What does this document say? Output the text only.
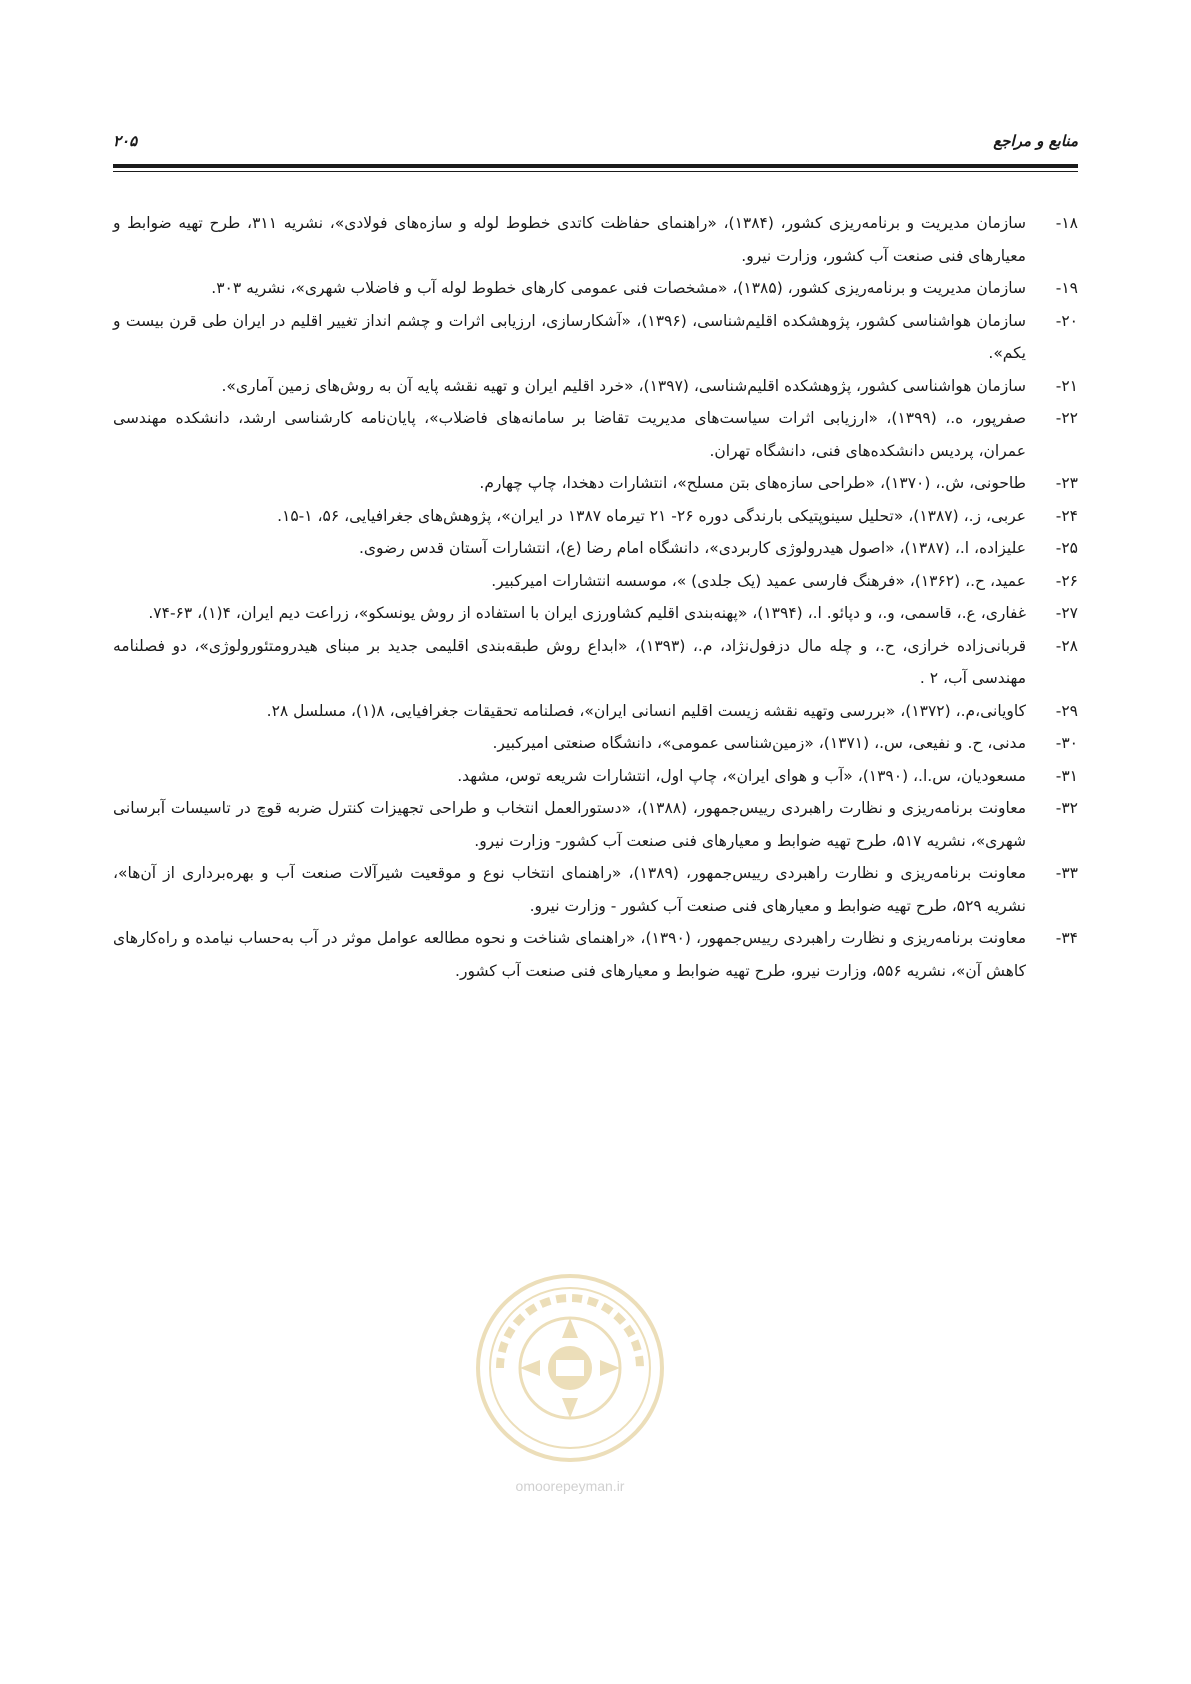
منابع و مراجع
۲۰۵
۱۸-
سازمان مدیریت و برنامه‌ریزی کشور، (۱۳۸۴)، «راهنمای حفاظت کاتدی خطوط لوله و سازه‌های فولادی»، نشریه ۳۱۱، طرح تهیه ضوابط و معیارهای فنی صنعت آب کشور، وزارت نیرو.
۱۹-
سازمان مدیریت و برنامه‌ریزی کشور، (۱۳۸۵)، «مشخصات فنی عمومی کارهای خطوط لوله آب و فاضلاب شهری»، نشریه ۳۰۳.
۲۰-
سازمان هواشناسی کشور، پژوهشکده اقلیم‌شناسی، (۱۳۹۶)، «آشکارسازی، ارزیابی اثرات و چشم انداز تغییر اقلیم در ایران طی قرن بیست و یکم».
۲۱-
سازمان هواشناسی کشور، پژوهشکده اقلیم‌شناسی، (۱۳۹۷)، «خرد اقلیم ایران و تهیه نقشه پایه آن به روش‌های زمین آماری».
۲۲-
صفرپور، ه.، (۱۳۹۹)، «ارزیابی اثرات سیاست‌های مدیریت تقاضا بر سامانه‌های فاضلاب»، پایان‌نامه کارشناسی ارشد، دانشکده مهندسی عمران، پردیس دانشکده‌های فنی، دانشگاه تهران.
۲۳-
طاحونی، ش.، (۱۳۷۰)، «طراحی سازه‌های بتن مسلح»، انتشارات دهخدا، چاپ چهارم.
۲۴-
عربی، ز.، (۱۳۸۷)، «تحلیل سینوپتیکی بارندگی دوره ۲۶- ۲۱ تیرماه ۱۳۸۷ در ایران»، پژوهش‌های جغرافیایی، ۵۶، ۱-۱۵.
۲۵-
علیزاده، ا.، (۱۳۸۷)، «اصول هیدرولوژی کاربردی»، دانشگاه امام رضا (ع)، انتشارات آستان قدس رضوی.
۲۶-
عمید، ح.، (۱۳۶۲)، «فرهنگ فارسی عمید (یک جلدی) »، موسسه انتشارات امیرکبیر.
۲۷-
غفاری، ع.، قاسمی، و.، و دپائو. ا.، (۱۳۹۴)، «پهنه‌بندی اقلیم کشاورزی ایران با استفاده از روش یونسکو»، زراعت دیم ایران، ۴(۱)، ۶۳-۷۴.
۲۸-
قربانی‌زاده خرازی، ح.، و چله مال دزفول‌نژاد، م.، (۱۳۹۳)، «ابداع روش طبقه‌بندی اقلیمی جدید بر مبنای هیدرومتئورولوژی»، دو فصلنامه مهندسی آب، ۲ .
۲۹-
کاویانی،م.، (۱۳۷۲)، «بررسی وتهیه نقشه زیست اقلیم انسانی ایران»، فصلنامه تحقیقات جغرافیایی، ۸(۱)، مسلسل ۲۸.
۳۰-
مدنی، ح. و نفیعی، س.، (۱۳۷۱)، «زمین‌شناسی عمومی»، دانشگاه صنعتی امیرکبیر.
۳۱-
مسعودیان، س.ا.، (۱۳۹۰)، «آب و هوای ایران»، چاپ اول، انتشارات شریعه توس، مشهد.
۳۲-
معاونت برنامه‌ریزی و نظارت راهبردی رییس‌جمهور، (۱۳۸۸)، «دستورالعمل انتخاب و طراحی تجهیزات کنترل ضربه قوچ در تاسیسات آبرسانی شهری»، نشریه ۵۱۷، طرح تهیه ضوابط و معیارهای فنی صنعت آب کشور- وزارت نیرو.
۳۳-
معاونت برنامه‌ریزی و نظارت راهبردی رییس‌جمهور، (۱۳۸۹)، «راهنمای انتخاب نوع و موقعیت شیرآلات صنعت آب و بهره‌برداری از آن‌ها»، نشریه ۵۲۹، طرح تهیه ضوابط و معیارهای فنی صنعت آب کشور - وزارت نیرو.
۳۴-
معاونت برنامه‌ریزی و نظارت راهبردی رییس‌جمهور، (۱۳۹۰)، «راهنمای شناخت و نحوه مطالعه عوامل موثر در آب به‌حساب نیامده و راه‌کارهای کاهش آن»، نشریه ۵۵۶، وزارت نیرو، طرح تهیه ضوابط و معیارهای فنی صنعت آب کشور.
omoorepeyman.ir
